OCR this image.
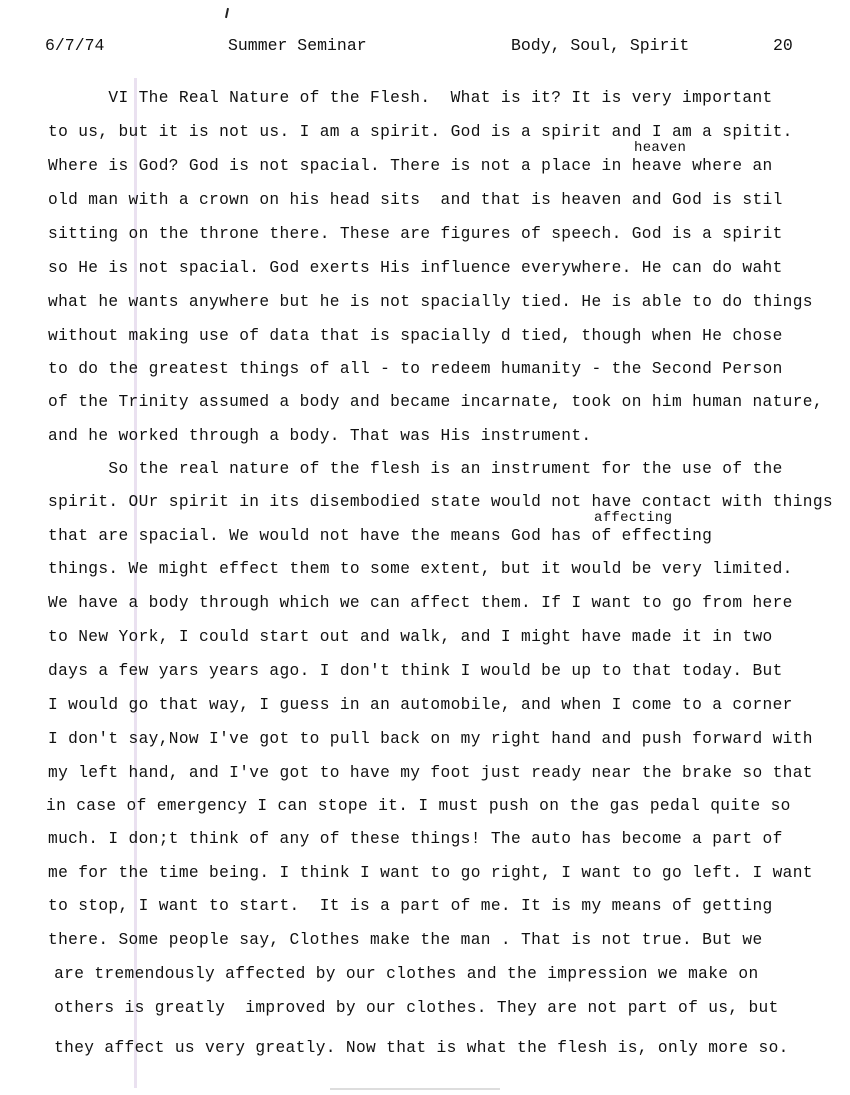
6/7/74	Summer Seminar	Body, Soul, Spirit	20
heaven
affecting
VI The Real Nature of the Flesh.  What is it? It is very important
to us, but it is not us. I am a spirit. God is a spirit and I am a spitit.
Where is God? God is not spacial. There is not a place in heave where an
old man with a crown on his head sits  and that is heaven and God is stil
sitting on the throne there. These are figures of speech. God is a spirit
so He is not spacial. God exerts His influence everywhere. He can do waht
what he wants anywhere but he is not spacially tied. He is able to do things
without making use of data that is spacially d tied, though when He chose
to do the greatest things of all - to redeem humanity - the Second Person
of the Trinity assumed a body and became incarnate, took on him human nature,
and he worked through a body. That was His instrument.
So the real nature of the flesh is an instrument for the use of the
spirit. OUr spirit in its disembodied state would not have contact with things
that are spacial. We would not have the means God has of effecting
things. We might effect them to some extent, but it would be very limited.
We have a body through which we can affect them. If I want to go from here
to New York, I could start out and walk, and I might have made it in two
days a few yars years ago. I don't think I would be up to that today. But
I would go that way, I guess in an automobile, and when I come to a corner
I don't say,Now I've got to pull back on my right hand and push forward with
my left hand, and I've got to have my foot just ready near the brake so that
in case of emergency I can stope it. I must push on the gas pedal quite so
much. I don;t think of any of these things! The auto has become a part of
me for the time being. I think I want to go right, I want to go left. I want
to stop, I want to start.  It is a part of me. It is my means of getting
there. Some people say, Clothes make the man . That is not true. But we
are tremendously affected by our clothes and the impression we make on
others is greatly  improved by our clothes. They are not part of us, but
they affect us very greatly. Now that is what the flesh is, only more so.
